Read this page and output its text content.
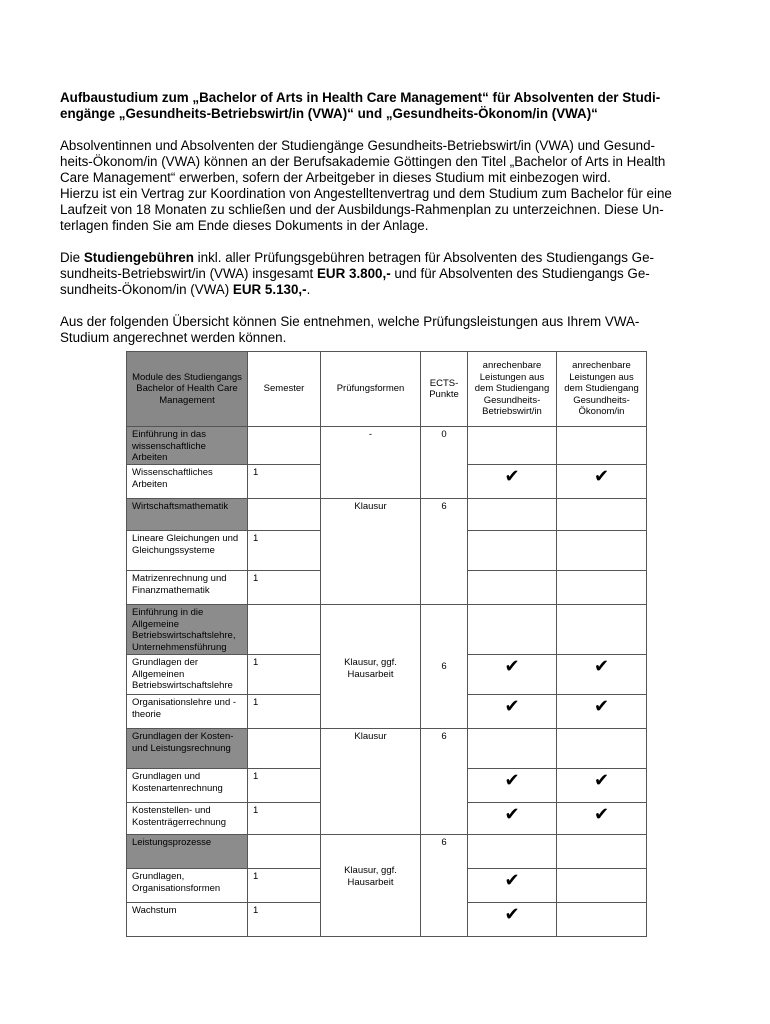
Aufbaustudium zum „Bachelor of Arts in Health Care Management“ für Absolventen der Studi-
engänge „Gesundheits-Betriebswirt/in (VWA)“ und „Gesundheits-Ökonom/in (VWA)“
Absolventinnen und Absolventen der Studiengänge Gesundheits-Betriebswirt/in (VWA) und Gesund-
heits-Ökonom/in (VWA) können an der Berufsakademie Göttingen den Titel „Bachelor of Arts in Health
Care Management“ erwerben, sofern der Arbeitgeber in dieses Studium mit einbezogen wird.
Hierzu ist ein Vertrag zur Koordination von Angestelltenvertrag und dem Studium zum Bachelor für eine
Laufzeit von 18 Monaten zu schließen und der Ausbildungs-Rahmenplan zu unterzeichnen. Diese Un-
terlagen finden Sie am Ende dieses Dokuments in der Anlage.
Die Studiengebühren inkl. aller Prüfungsgebühren betragen für Absolventen des Studiengangs Ge-
sundheits-Betriebswirt/in (VWA) insgesamt EUR 3.800,- und für Absolventen des Studiengangs Ge-
sundheits-Ökonom/in (VWA) EUR 5.130,-.
Aus der folgenden Übersicht können Sie entnehmen, welche Prüfungsleistungen aus Ihrem VWA-
Studium angerechnet werden können.
Module des Studiengangs Bachelor of Health Care Management	Semester	Prüfungsformen	ECTS-Punkte	anrechenbare Leistungen aus dem Studiengang Gesundheits-Betriebswirt/in	anrechenbare Leistungen aus dem Studiengang Gesundheits-Ökonom/in
Einführung in das wissenschaftliche Arbeiten		-	0		
Wissenschaftliches Arbeiten	1			✔	✔
Wirtschaftsmathematik		Klausur	6		
Lineare Gleichungen und Gleichungssysteme	1				
Matrizenrechnung und Finanzmathematik	1				
Einführung in die Allgemeine Betriebswirtschaftslehre, Unternehmensführung		Klausur, ggf. Hausarbeit	6		
Grundlagen der Allgemeinen Betriebswirtschaftslehre	1			✔	✔
Organisationslehre und -theorie	1			✔	✔
Grundlagen der Kosten- und Leistungsrechnung		Klausur	6		
Grundlagen und Kostenartenrechnung	1			✔	✔
Kostenstellen- und Kostenträgerrechnung	1			✔	✔
Leistungsprozesse		Klausur, ggf. Hausarbeit	6		
Grundlagen, Organisationsformen	1			✔	
Wachstum	1			✔	
